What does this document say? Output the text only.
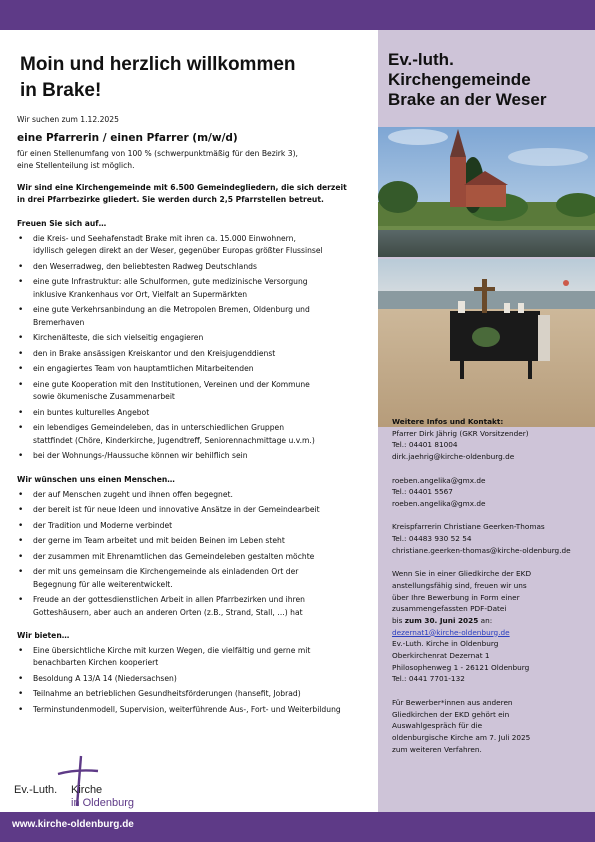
Moin und herzlich willkommen
in Brake!

Wir suchen zum 1.12.2025

eine Pfarrerin / einen Pfarrer (m/w/d)

für einen Stellenumfang von 100 % (schwerpunktmäßig für den Bezirk 3),

eine Stellenteilung ist möglich.

Wir sind eine Kirchengemeinde mit 6.500 Gemeindegliedern, die sich derzeit

in drei Pfarrbezirke gliedert. Sie werden durch 2,5 Pfarrstellen betreut.

Freuen Sie sich auf…

• die Kreis- und Seehafenstadt Brake mit ihren ca. 15.000 Einwohnern,
idyllisch gelegen direkt an der Weser, gegenüber Europas größter Flussinsel
• den Weserradweg, den beliebtesten Radweg Deutschlands
• eine gute Infrastruktur: alle Schulformen, gute medizinische Versorgung
inklusive Krankenhaus vor Ort, Vielfalt an Supermärkten
• eine gute Verkehrsanbindung an die Metropolen Bremen, Oldenburg und
Bremerhaven
• Kirchenälteste, die sich vielseitig engagieren
• den in Brake ansässigen Kreiskantor und den Kreisjugenddienst
• ein engagiertes Team von hauptamtlichen Mitarbeitenden
• eine gute Kooperation mit den Institutionen, Vereinen und der Kommune
sowie ökumenische Zusammenarbeit
• ein buntes kulturelles Angebot
• ein lebendiges Gemeindeleben, das in unterschiedlichen Gruppen
stattfindet (Chöre, Kinderkirche, Jugendtreff, Seniorennachmittage u.v.m.)
• bei der Wohnungs-/Haussuche können wir behilflich sein

Wir wünschen uns einen Menschen…

• der auf Menschen zugeht und ihnen offen begegnet.
• der bereit ist für neue Ideen und innovative Ansätze in der Gemeindearbeit
• der Tradition und Moderne verbindet
• der gerne im Team arbeitet und mit beiden Beinen im Leben steht
• der zusammen mit Ehrenamtlichen das Gemeindeleben gestalten möchte
• der mit uns gemeinsam die Kirchengemeinde als einladenden Ort der
Begegnung für alle weiterentwickelt.
• Freude an der gottesdienstlichen Arbeit in allen Pfarrbezirken und ihren
Gotteshäusern, aber auch an anderen Orten (z.B., Strand, Stall, …) hat

Wir bieten…

• Eine übersichtliche Kirche mit kurzen Wegen, die vielfältig und gerne mit
benachbarten Kirchen kooperiert
• Besoldung A 13/A 14 (Niedersachsen)
• Teilnahme an betrieblichen Gesundheitsförderungen (hansefit, Jobrad)
• Terminstundenmodell, Supervision, weiterführende Aus-, Fort- und Weiterbildung
Ev.-Luth. Kirche
in Oldenburg
Ev.-luth.
Kirchengemeinde
Brake an der Weser

Weitere Infos und Kontakt:

Pfarrer Dirk Jährig (GKR Vorsitzender)

Tel.: 04401 81004

dirk.jaehrig@kirche-oldenburg.de

roeben.angelika@gmx.de

Tel.: 04401 5567

roeben.angelika@gmx.de

Kreispfarrerin Christiane Geerken-Thomas

Tel.: 04483 930 52 54

christiane.geerken-thomas@kirche-oldenburg.de

Wenn Sie in einer Gliedkirche der EKD

anstellungsfähig sind, freuen wir uns

über Ihre Bewerbung in Form einer

zusammengefassten PDF-Datei

bis zum 30. Juni 2025 an:

dezernat1@kirche-oldenburg.de

Ev.-Luth. Kirche in Oldenburg

Oberkirchenrat Dezernat 1

Philosophenweg 1 - 26121 Oldenburg

Tel.: 0441 7701-132

Für Bewerber*innen aus anderen

Gliedkirchen der EKD gehört ein

Auswahlgespräch für die

oldenburgische Kirche am 7. Juli 2025

zum weiteren Verfahren.

www.kirche-oldenburg.de
